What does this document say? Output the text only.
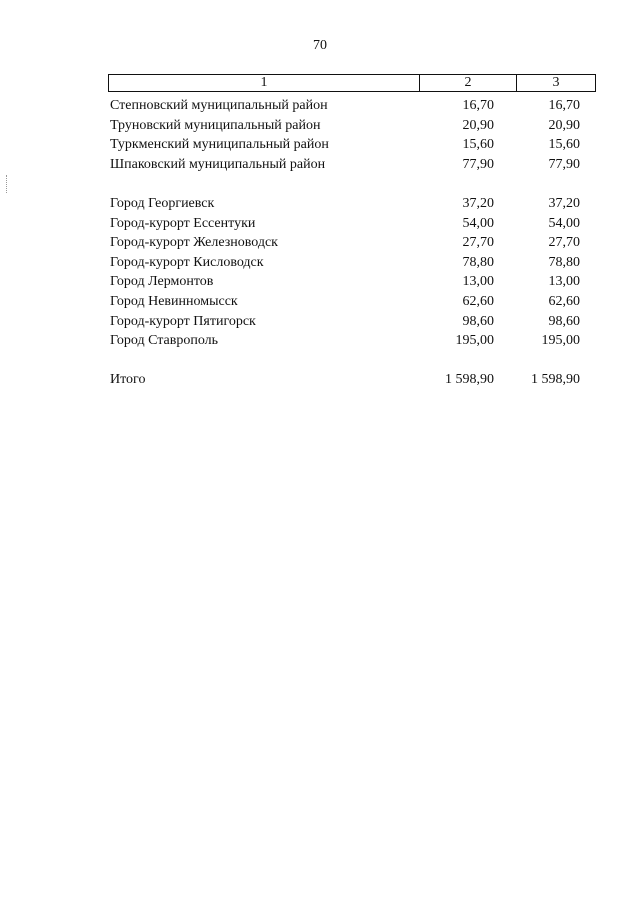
70
1	2	3
Степновский муниципальный район	16,70	16,70
Труновский муниципальный район	20,90	20,90
Туркменский муниципальный район	15,60	15,60
Шпаковский муниципальный район	77,90	77,90
Город Георгиевск	37,20	37,20
Город-курорт Ессентуки	54,00	54,00
Город-курорт Железноводск	27,70	27,70
Город-курорт Кисловодск	78,80	78,80
Город Лермонтов	13,00	13,00
Город Невинномысск	62,60	62,60
Город-курорт Пятигорск	98,60	98,60
Город Ставрополь	195,00	195,00
Итого	1 598,90	1 598,90
